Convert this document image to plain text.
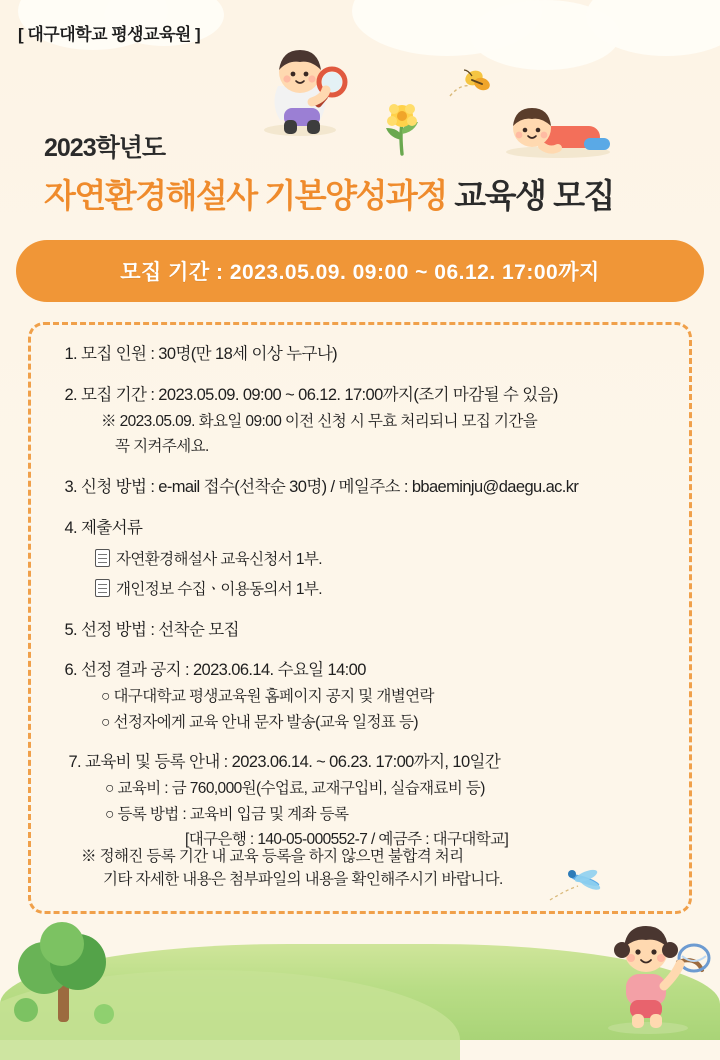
[ 대구대학교 평생교육원 ]
2023학년도
자연환경해설사 기본양성과정 교육생 모집
모집 기간 : 2023.05.09. 09:00 ~ 06.12. 17:00까지
1. 모집 인원 : 30명(만 18세 이상 누구나)
2. 모집 기간 : 2023.05.09. 09:00 ~ 06.12. 17:00까지(조기 마감될 수 있음)
※ 2023.05.09. 화요일 09:00 이전 신청 시 무효 처리되니 모집 기간을
꼭 지켜주세요.
3. 신청 방법 : e-mail 접수(선착순 30명) / 메일주소 : bbaeminju@daegu.ac.kr
4. 제출서류
자연환경해설사 교육신청서 1부.
개인정보 수집ㆍ이용동의서 1부.
5. 선정 방법 : 선착순 모집
6. 선정 결과 공지 : 2023.06.14. 수요일 14:00
○ 대구대학교 평생교육원 홈페이지 공지 및 개별연락
○ 선정자에게 교육 안내 문자 발송(교육 일정표 등)
7. 교육비 및 등록 안내 : 2023.06.14. ~ 06.23. 17:00까지, 10일간
○ 교육비 : 금 760,000원(수업료, 교재구입비, 실습재료비 등)
○ 등록 방법 : 교육비 입금 및 계좌 등록
[대구은행 : 140-05-000552-7 / 예금주 : 대구대학교]
※ 정해진 등록 기간 내 교육 등록을 하지 않으면 불합격 처리
기타 자세한 내용은 첨부파일의 내용을 확인해주시기 바랍니다.
